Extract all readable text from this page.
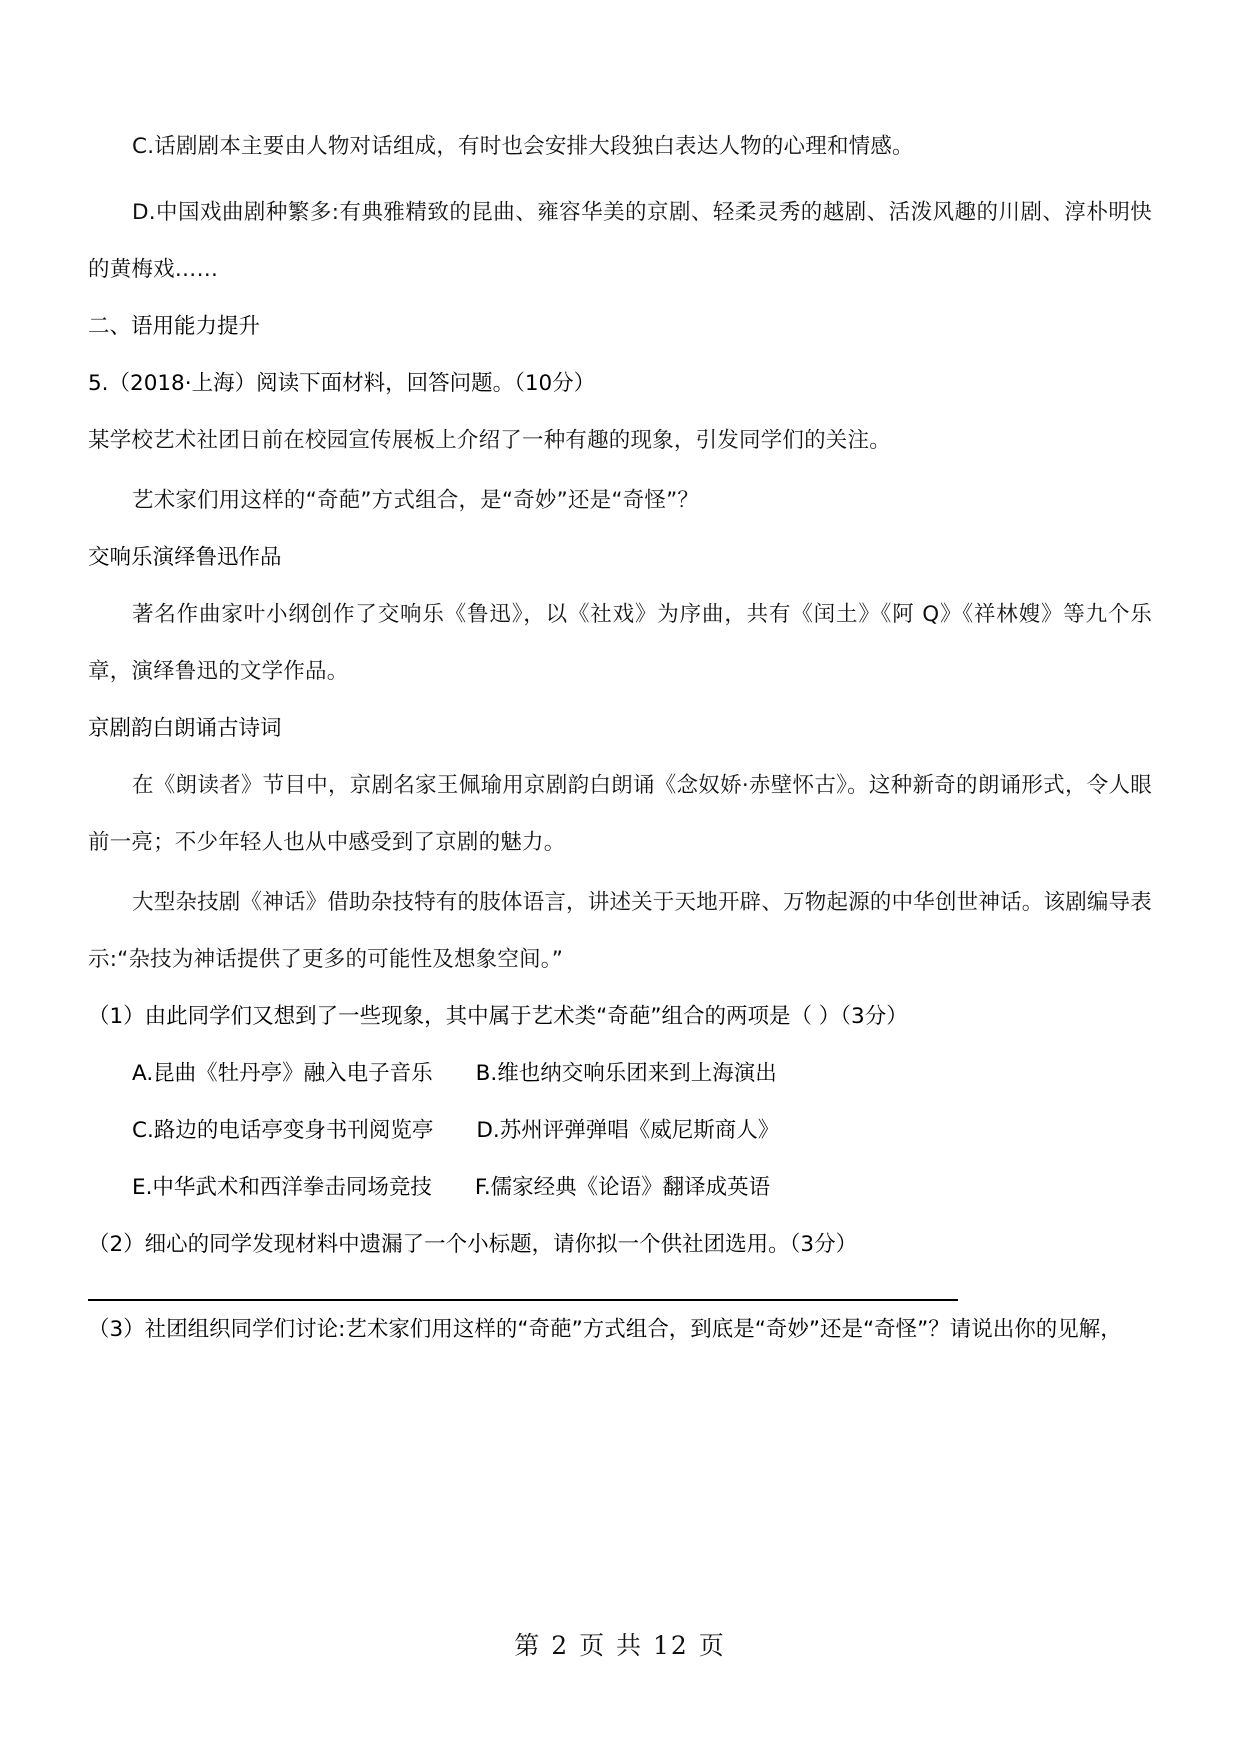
C.话剧剧本主要由人物对话组成，有时也会安排大段独白表达人物的心理和情感。

D.中国戏曲剧种繁多:有典雅精致的昆曲、雍容华美的京剧、轻柔灵秀的越剧、活泼风趣的川剧、淳朴明快的黄梅戏……

二、语用能力提升

5.（2018·上海）阅读下面材料，回答问题。（10分）

某学校艺术社团日前在校园宣传展板上介绍了一种有趣的现象，引发同学们的关注。

艺术家们用这样的“奇葩”方式组合，是“奇妙”还是“奇怪”？

交响乐演绎鲁迅作品

著名作曲家叶小纲创作了交响乐《鲁迅》，以《社戏》为序曲，共有《闰土》《阿 Q》《祥林嫂》等九个乐章，演绎鲁迅的文学作品。

京剧韵白朗诵古诗词

在《朗读者》节目中，京剧名家王佩瑜用京剧韵白朗诵《念奴娇·赤壁怀古》。这种新奇的朗诵形式，令人眼前一亮；不少年轻人也从中感受到了京剧的魅力。

大型杂技剧《神话》借助杂技特有的肢体语言，讲述关于天地开辟、万物起源的中华创世神话。该剧编导表示:“杂技为神话提供了更多的可能性及想象空间。”

（1）由此同学们又想到了一些现象，其中属于艺术类“奇葩”组合的两项是（ ）（3分）

A.昆曲《牡丹亭》融入电子音乐　　B.维也纳交响乐团来到上海演出

C.路边的电话亭变身书刊阅览亭　　D.苏州评弹弹唱《威尼斯商人》

E.中华武术和西洋拳击同场竞技　　F.儒家经典《论语》翻译成英语

（2）细心的同学发现材料中遗漏了一个小标题，请你拟一个供社团选用。（3分）

（3）社团组织同学们讨论:艺术家们用这样的“奇葩”方式组合，到底是“奇妙”还是“奇怪”？请说出你的见解，

第 2 页 共 12 页
